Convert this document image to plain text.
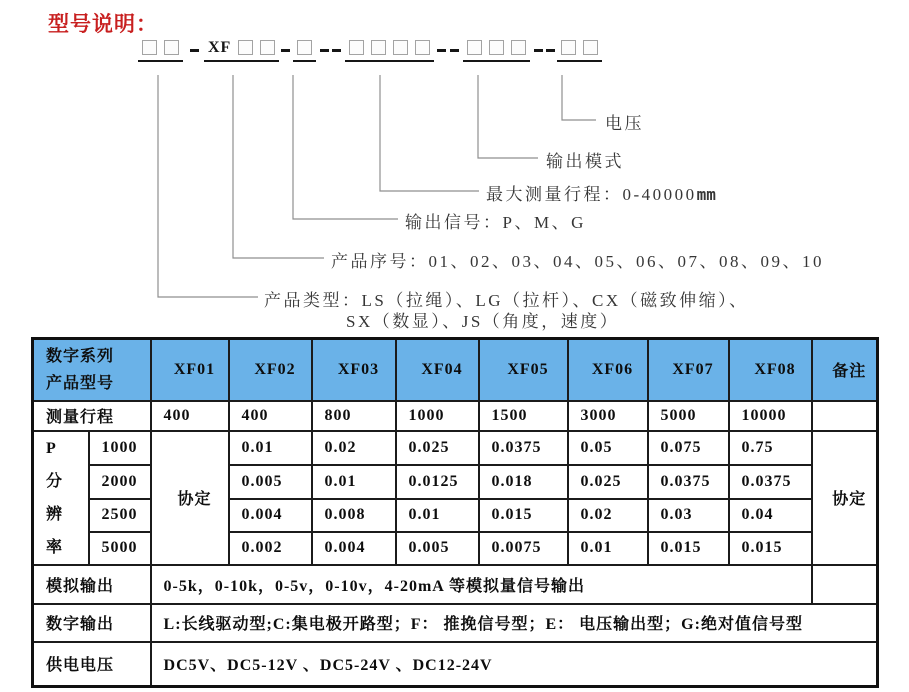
型号说明：
XF
电压
输出模式
最大测量行程：0-40000mm
输出信号：P、M、G
产品序号：01、02、03、04、05、06、07、08、09、10
产品类型：LS（拉绳）、LG（拉杆）、CX（磁致伸缩）、
SX（数显）、JS（角度，速度）
数字系列
产品型号		XF01	XF02	XF03	XF04	XF05	XF06	XF07	XF08	备注
测量行程		400	400	800	1000	1500	3000	5000	10000	

P
分
辨
率	1000	协定	0.01	0.02	0.025	0.0375	0.05	0.075	0.75	协定
	2000		0.005	0.01	0.0125	0.018	0.025	0.0375	0.0375	
	2500		0.004	0.008	0.01	0.015	0.02	0.03	0.04	
	5000		0.002	0.004	0.005	0.0075	0.01	0.015	0.015	
模拟输出		0-5k，0-10k，0-5v，0-10v，4-20mA 等模拟量信号输出								
数字输出		L:长线驱动型;C:集电极开路型；F： 推挽信号型；E： 电压输出型；G:绝对值信号型								
供电电压		DC5V、DC5-12V 、DC5-24V 、DC12-24V								
